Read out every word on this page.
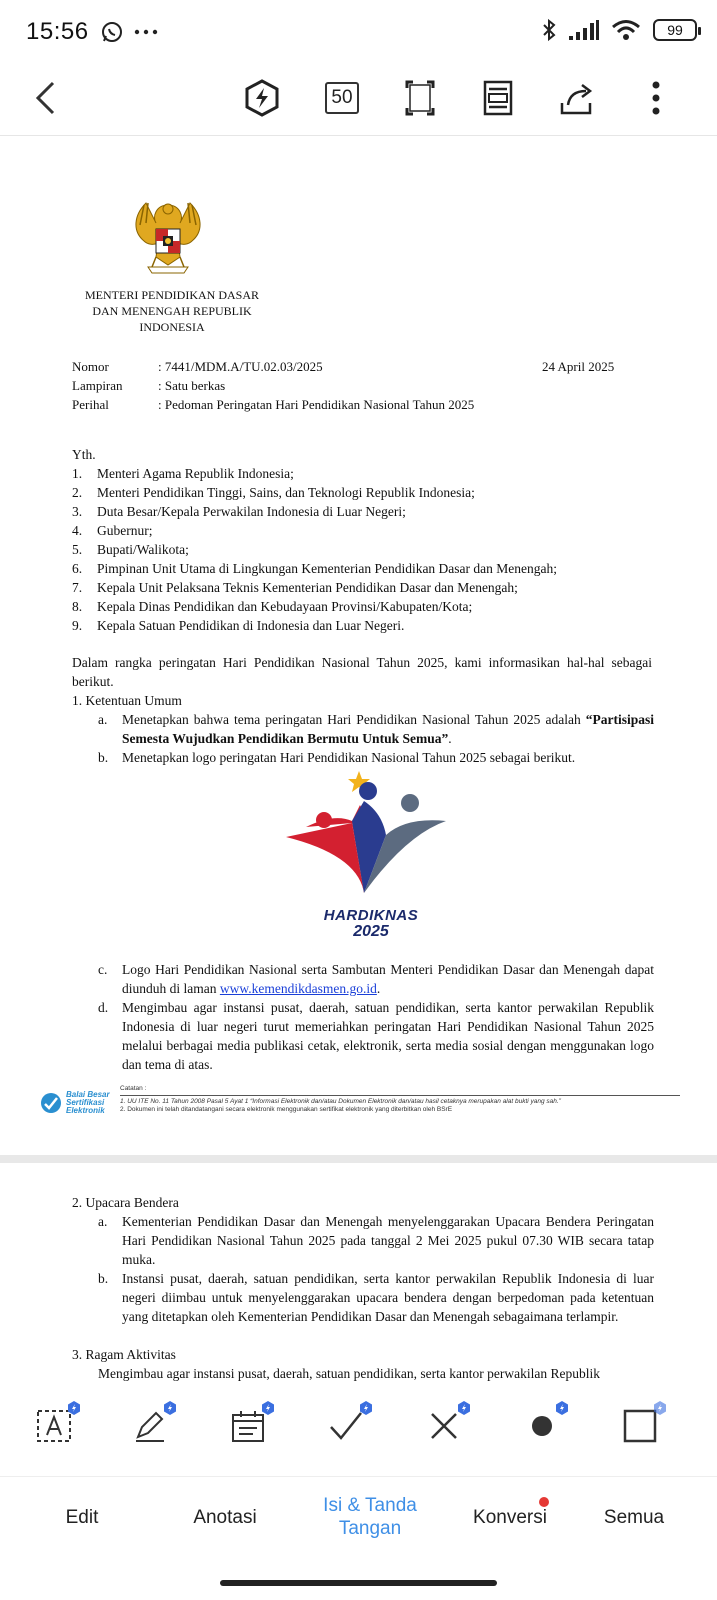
15:56	99
50
MENTERI PENDIDIKAN DASAR DAN MENENGAH REPUBLIK INDONESIA
Nomor	: 7441/MDM.A/TU.02.03/2025
Lampiran	: Satu berkas
Perihal	: Pedoman Peringatan Hari Pendidikan Nasional Tahun 2025
24 April 2025
Yth.
1.	Menteri Agama Republik Indonesia;
2.	Menteri Pendidikan Tinggi, Sains, dan Teknologi Republik Indonesia;
3.	Duta Besar/Kepala Perwakilan Indonesia di Luar Negeri;
4.	Gubernur;
5.	Bupati/Walikota;
6.	Pimpinan Unit Utama di Lingkungan Kementerian Pendidikan Dasar dan Menengah;
7.	Kepala Unit Pelaksana Teknis Kementerian Pendidikan Dasar dan Menengah;
8.	Kepala Dinas Pendidikan dan Kebudayaan Provinsi/Kabupaten/Kota;
9.	Kepala Satuan Pendidikan di Indonesia dan Luar Negeri.
Dalam rangka peringatan Hari Pendidikan Nasional Tahun 2025, kami informasikan hal-hal sebagai berikut.
1. Ketentuan Umum
a.	Menetapkan bahwa tema peringatan Hari Pendidikan Nasional Tahun 2025 adalah “Partisipasi Semesta Wujudkan Pendidikan Bermutu Untuk Semua”.
b.	Menetapkan logo peringatan Hari Pendidikan Nasional Tahun 2025 sebagai berikut.
HARDIKNAS
2025
c.	Logo Hari Pendidikan Nasional serta Sambutan Menteri Pendidikan Dasar dan Menengah dapat diunduh di laman www.kemendikdasmen.go.id.
d.	Mengimbau agar instansi pusat, daerah, satuan pendidikan, serta kantor perwakilan Republik Indonesia di luar negeri turut memeriahkan peringatan Hari Pendidikan Nasional Tahun 2025 melalui berbagai media publikasi cetak, elektronik, serta media sosial dengan menggunakan logo dan tema di atas.
Balai Besar
Sertifikasi
Elektronik
Catatan :
1. UU ITE No. 11 Tahun 2008 Pasal 5 Ayat 1 “Informasi Elektronik dan/atau Dokumen Elektronik dan/atau hasil cetaknya merupakan alat bukti yang sah.”
2. Dokumen ini telah ditandatangani secara elektronik menggunakan sertifikat elektronik yang diterbitkan oleh BSrE
2. Upacara Bendera
a.	Kementerian Pendidikan Dasar dan Menengah menyelenggarakan Upacara Bendera Peringatan Hari Pendidikan Nasional Tahun 2025 pada tanggal 2 Mei 2025 pukul 07.30 WIB secara tatap muka.
b.	Instansi pusat, daerah, satuan pendidikan, serta kantor perwakilan Republik Indonesia di luar negeri diimbau untuk menyelenggarakan upacara bendera dengan berpedoman pada ketentuan yang ditetapkan oleh Kementerian Pendidikan Dasar dan Menengah sebagaimana terlampir.
3. Ragam Aktivitas
Mengimbau agar instansi pusat, daerah, satuan pendidikan, serta kantor perwakilan Republik
Edit	Anotasi
Isi & Tanda Tangan
Konversi	Semua
